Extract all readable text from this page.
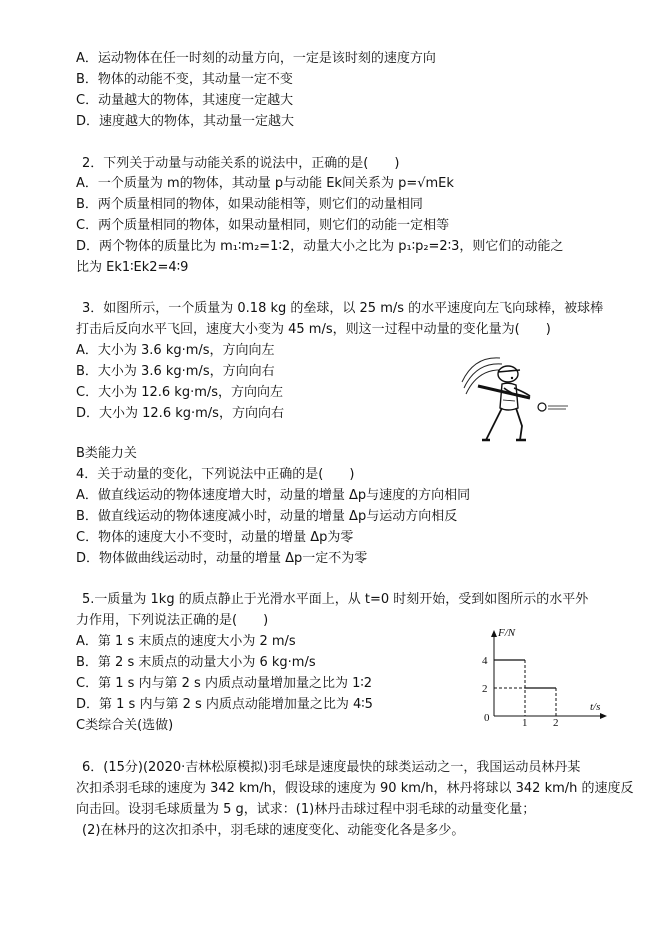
A．运动物体在任一时刻的动量方向，一定是该时刻的速度方向
B．物体的动能不变，其动量一定不变
C．动量越大的物体，其速度一定越大
D．速度越大的物体，其动量一定越大
2．下列关于动量与动能关系的说法中，正确的是(　　)
A．一个质量为 m的物体，其动量 p与动能 Ek间关系为 p=√mEk
B．两个质量相同的物体，如果动能相等，则它们的动量相同
C．两个质量相同的物体，如果动量相同，则它们的动能一定相等
D．两个物体的质量比为 m₁∶m₂=1∶2，动量大小之比为 p₁∶p₂=2∶3，则它们的动能之
比为 Ek1∶Ek2=4∶9
3．如图所示，一个质量为 0.18 kg 的垒球，以 25 m/s 的水平速度向左飞向球棒，被球棒
打击后反向水平飞回，速度大小变为 45 m/s，则这一过程中动量的变化量为(　　)
A．大小为 3.6 kg·m/s，方向向左
B．大小为 3.6 kg·m/s，方向向右
C．大小为 12.6 kg·m/s，方向向左
D．大小为 12.6 kg·m/s，方向向右
B类能力关
4．关于动量的变化，下列说法中正确的是(　　)
A．做直线运动的物体速度增大时，动量的增量 Δp与速度的方向相同
B．做直线运动的物体速度减小时，动量的增量 Δp与运动方向相反
C．物体的速度大小不变时，动量的增量 Δp为零
D．物体做曲线运动时，动量的增量 Δp一定不为零
5.一质量为 1kg 的质点静止于光滑水平面上，从 t=0 时刻开始，受到如图所示的水平外
力作用，下列说法正确的是(　　)
A．第 1 s 末质点的速度大小为 2 m/s
B．第 2 s 末质点的动量大小为 6 kg·m/s
C．第 1 s 内与第 2 s 内质点动量增加量之比为 1∶2
D．第 1 s 内与第 2 s 内质点动能增加量之比为 4∶5
F/N
t/s
0
4
2
1 2
C类综合关(选做)
6．(15分)(2020·吉林松原模拟)羽毛球是速度最快的球类运动之一，我国运动员林丹某
次扣杀羽毛球的速度为 342 km/h，假设球的速度为 90 km/h，林丹将球以 342 km/h 的速度反
向击回。设羽毛球质量为 5 g，试求：(1)林丹击球过程中羽毛球的动量变化量；
(2)在林丹的这次扣杀中，羽毛球的速度变化、动能变化各是多少。
